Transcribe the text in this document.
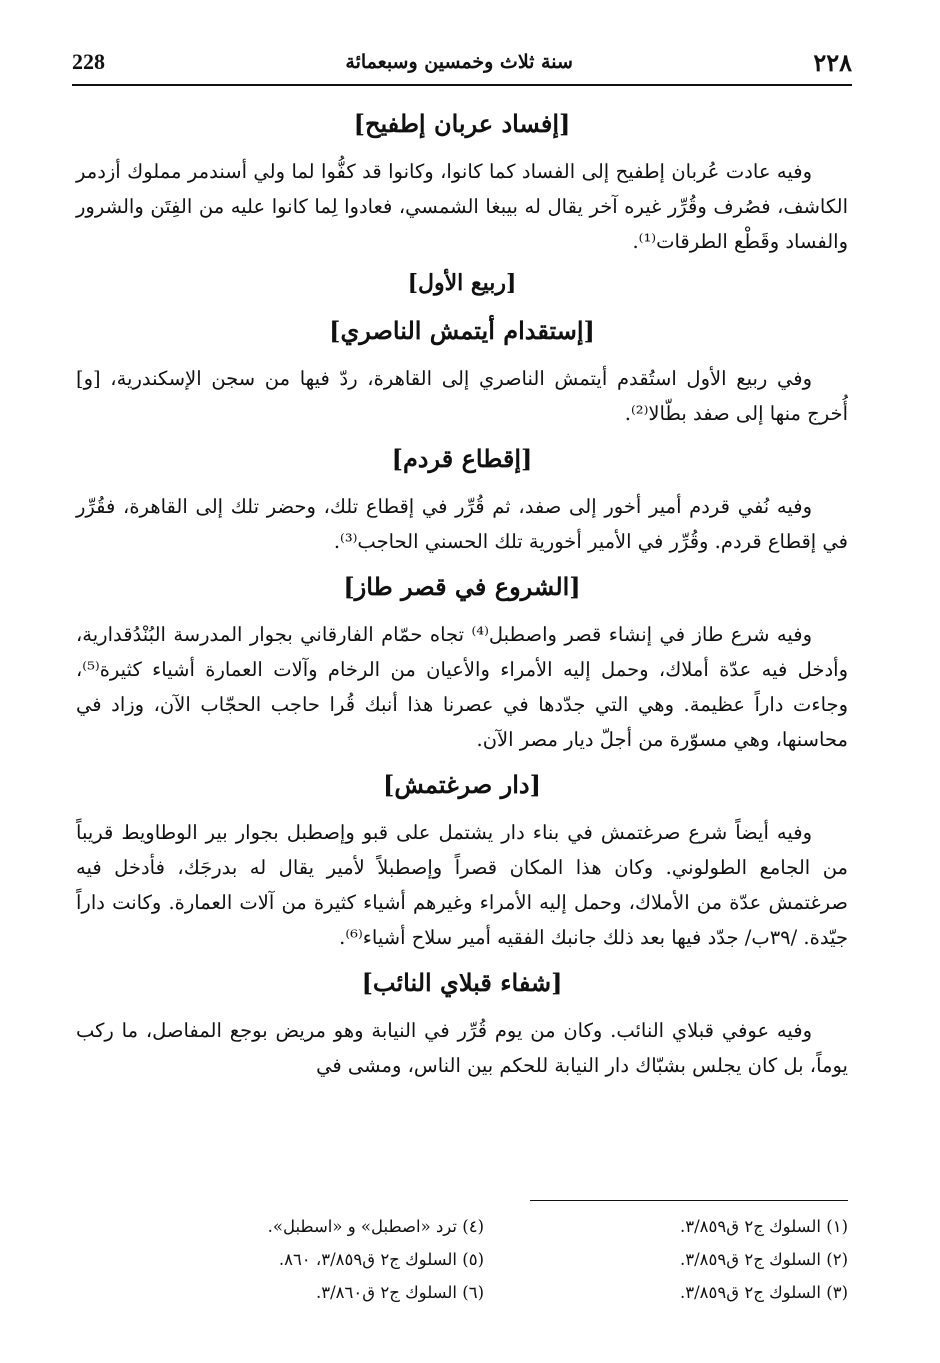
228	سنة ثلاث وخمسين وسبعمائة	٢٢٨
[إفساد عربان إطفيح]

وفيه عادت عُربان إطفيح إلى الفساد كما كانوا، وكانوا قد كفُّوا لما ولي أسندمر مملوك أزدمر الكاشف، فصُرف وقُرِّر غيره آخر يقال له بيبغا الشمسي، فعادوا لِما كانوا عليه من الفِتَن والشرور والفساد وقَطْع الطرقات⁽¹⁾.

[ربيع الأول]
[إستقدام أيتمش الناصري]

وفي ربيع الأول استُقدم أيتمش الناصري إلى القاهرة، ردّ فيها من سجن الإسكندرية، [و] أُخرج منها إلى صفد بطّالا⁽²⁾.

[إقطاع قردم]

وفيه نُفي قردم أمير أخور إلى صفد، ثم قُرِّر في إقطاع تلك، وحضر تلك إلى القاهرة، فقُرِّر في إقطاع قردم. وقُرِّر في الأمير أخورية تلك الحسني الحاجب⁽³⁾.

[الشروع في قصر طاز]

وفيه شرع طاز في إنشاء قصر واصطبل⁽⁴⁾ تجاه حمّام الفارقاني بجوار المدرسة البُنْدُقدارية، وأدخل فيه عدّة أملاك، وحمل إليه الأمراء والأعيان من الرخام وآلات العمارة أشياء كثيرة⁽⁵⁾، وجاءت داراً عظيمة. وهي التي جدّدها في عصرنا هذا أنبك قُرا حاجب الحجّاب الآن، وزاد في محاسنها، وهي مسوّرة من أجلّ ديار مصر الآن.

[دار صرغتمش]

وفيه أيضاً شرع صرغتمش في بناء دار يشتمل على قبو وإصطبل بجوار بير الوطاويط قريباً من الجامع الطولوني. وكان هذا المكان قصراً وإصطبلاً لأمير يقال له بدرجَك، فأدخل فيه صرغتمش عدّة من الأملاك، وحمل إليه الأمراء وغيرهم أشياء كثيرة من آلات العمارة. وكانت داراً جيّدة. /٣٩ب/ جدّد فيها بعد ذلك جانبك الفقيه أمير سلاح أشياء⁽⁶⁾.

[شفاء قبلاي النائب]

وفيه عوفي قبلاي النائب. وكان من يوم قُرِّر في النيابة وهو مريض بوجع المفاصل، ما ركب يوماً، بل كان يجلس بشبّاك دار النيابة للحكم بين الناس، ومشى في

(١) السلوك ج٢ ق٣/٨٥٩.
(٢) السلوك ج٢ ق٣/٨٥٩.
(٣) السلوك ج٢ ق٣/٨٥٩.
(٤) ترد «اصطبل» و «اسطبل».
(٥) السلوك ج٢ ق٣/٨٥٩، ٨٦٠.
(٦) السلوك ج٢ ق٣/٨٦٠.
